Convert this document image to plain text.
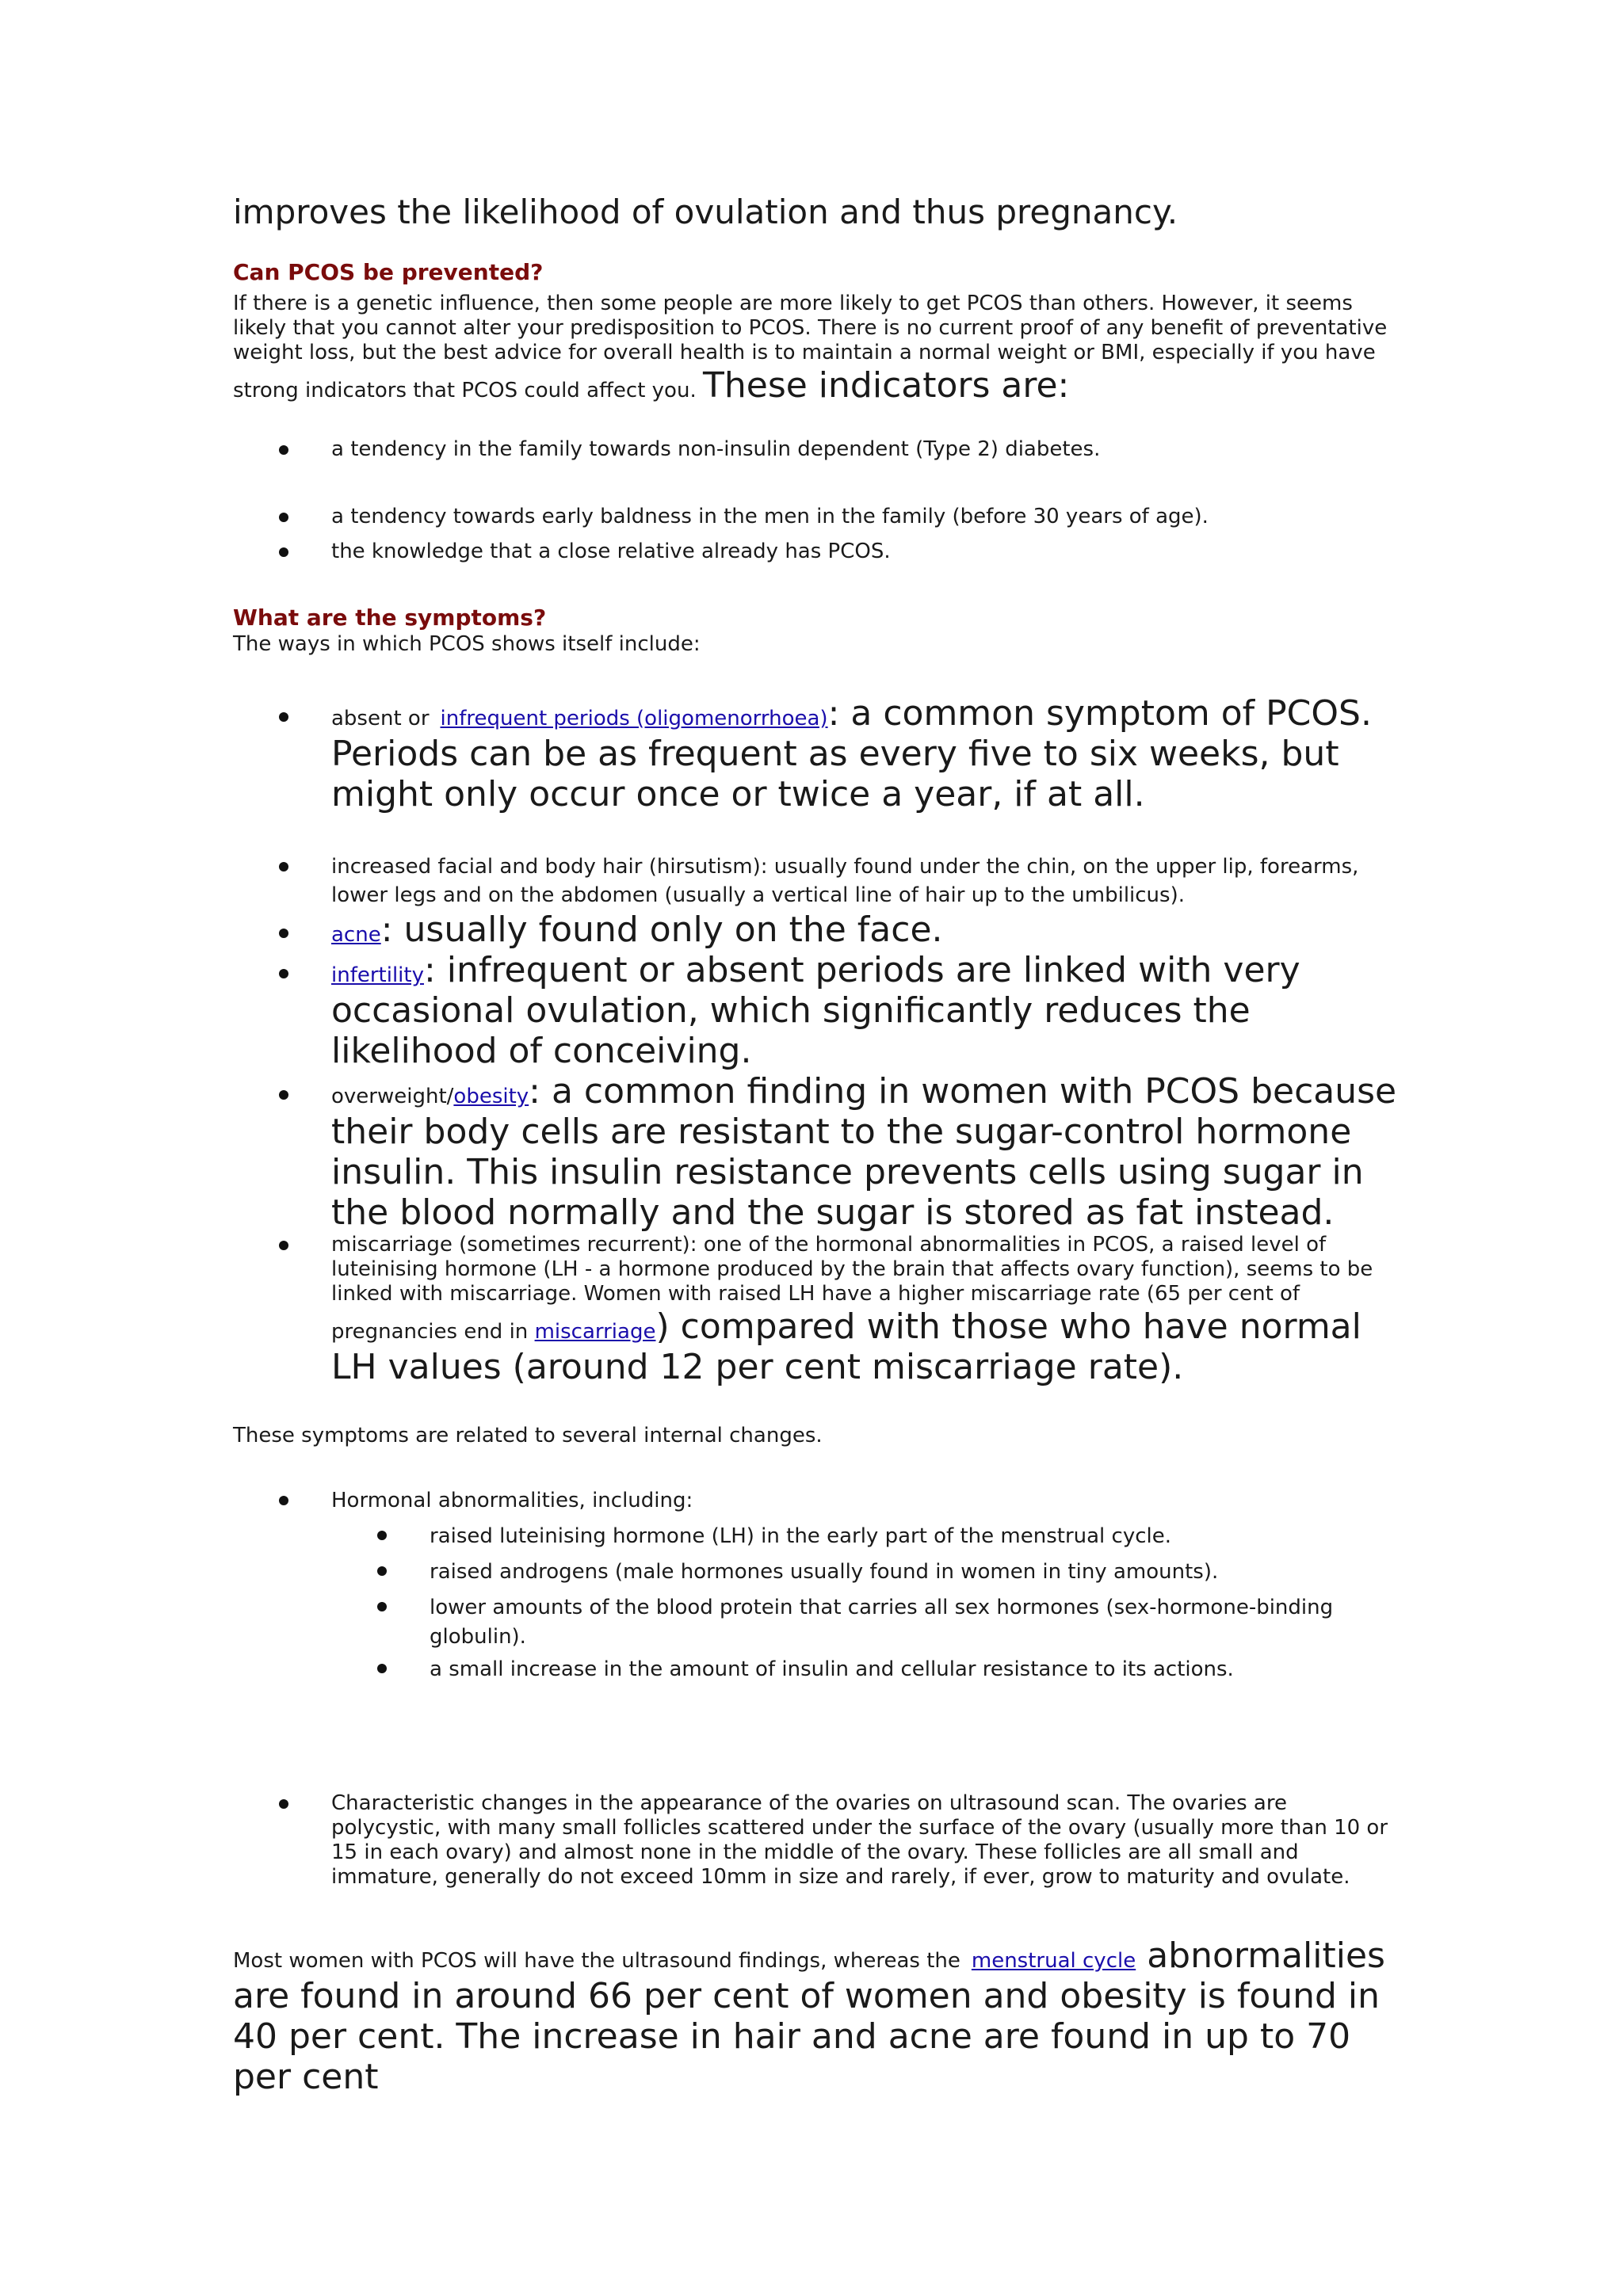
improves the likelihood of ovulation and thus pregnancy.

Can PCOS be prevented?

If there is a genetic influence, then some people are more likely to get PCOS than others. However, it seems likely that you cannot alter your predisposition to PCOS. There is no current proof of any benefit of preventative weight loss, but the best advice for overall health is to maintain a normal weight or BMI, especially if you have strong indicators that PCOS could affect you. These indicators are:

a tendency in the family towards non-insulin dependent (Type 2) diabetes.
a tendency towards early baldness in the men in the family (before 30 years of age).
the knowledge that a close relative already has PCOS.
What are the symptoms?

The ways in which PCOS shows itself include:

absent or infrequent periods (oligomenorrhoea): a common symptom of PCOS. Periods can be as frequent as every five to six weeks, but might only occur once or twice a year, if at all.
increased facial and body hair (hirsutism): usually found under the chin, on the upper lip, forearms, lower legs and on the abdomen (usually a vertical line of hair up to the umbilicus).
acne: usually found only on the face.
infertility: infrequent or absent periods are linked with very occasional ovulation, which significantly reduces the likelihood of conceiving.
overweight/obesity: a common finding in women with PCOS because their body cells are resistant to the sugar-control hormone insulin. This insulin resistance prevents cells using sugar in the blood normally and the sugar is stored as fat instead.
miscarriage (sometimes recurrent): one of the hormonal abnormalities in PCOS, a raised level of luteinising hormone (LH - a hormone produced by the brain that affects ovary function), seems to be linked with miscarriage. Women with raised LH have a higher miscarriage rate (65 per cent of pregnancies end in miscarriage) compared with those who have normal LH values (around 12 per cent miscarriage rate).

These symptoms are related to several internal changes.

Hormonal abnormalities, including:
raised luteinising hormone (LH) in the early part of the menstrual cycle.
raised androgens (male hormones usually found in women in tiny amounts).
lower amounts of the blood protein that carries all sex hormones (sex-hormone-binding globulin).
a small increase in the amount of insulin and cellular resistance to its actions.
Characteristic changes in the appearance of the ovaries on ultrasound scan. The ovaries are polycystic, with many small follicles scattered under the surface of the ovary (usually more than 10 or 15 in each ovary) and almost none in the middle of the ovary. These follicles are all small and immature, generally do not exceed 10mm in size and rarely, if ever, grow to maturity and ovulate.

Most women with PCOS will have the ultrasound findings, whereas the menstrual cycle abnormalities are found in around 66 per cent of women and obesity is found in 40 per cent. The increase in hair and acne are found in up to 70 per cent
